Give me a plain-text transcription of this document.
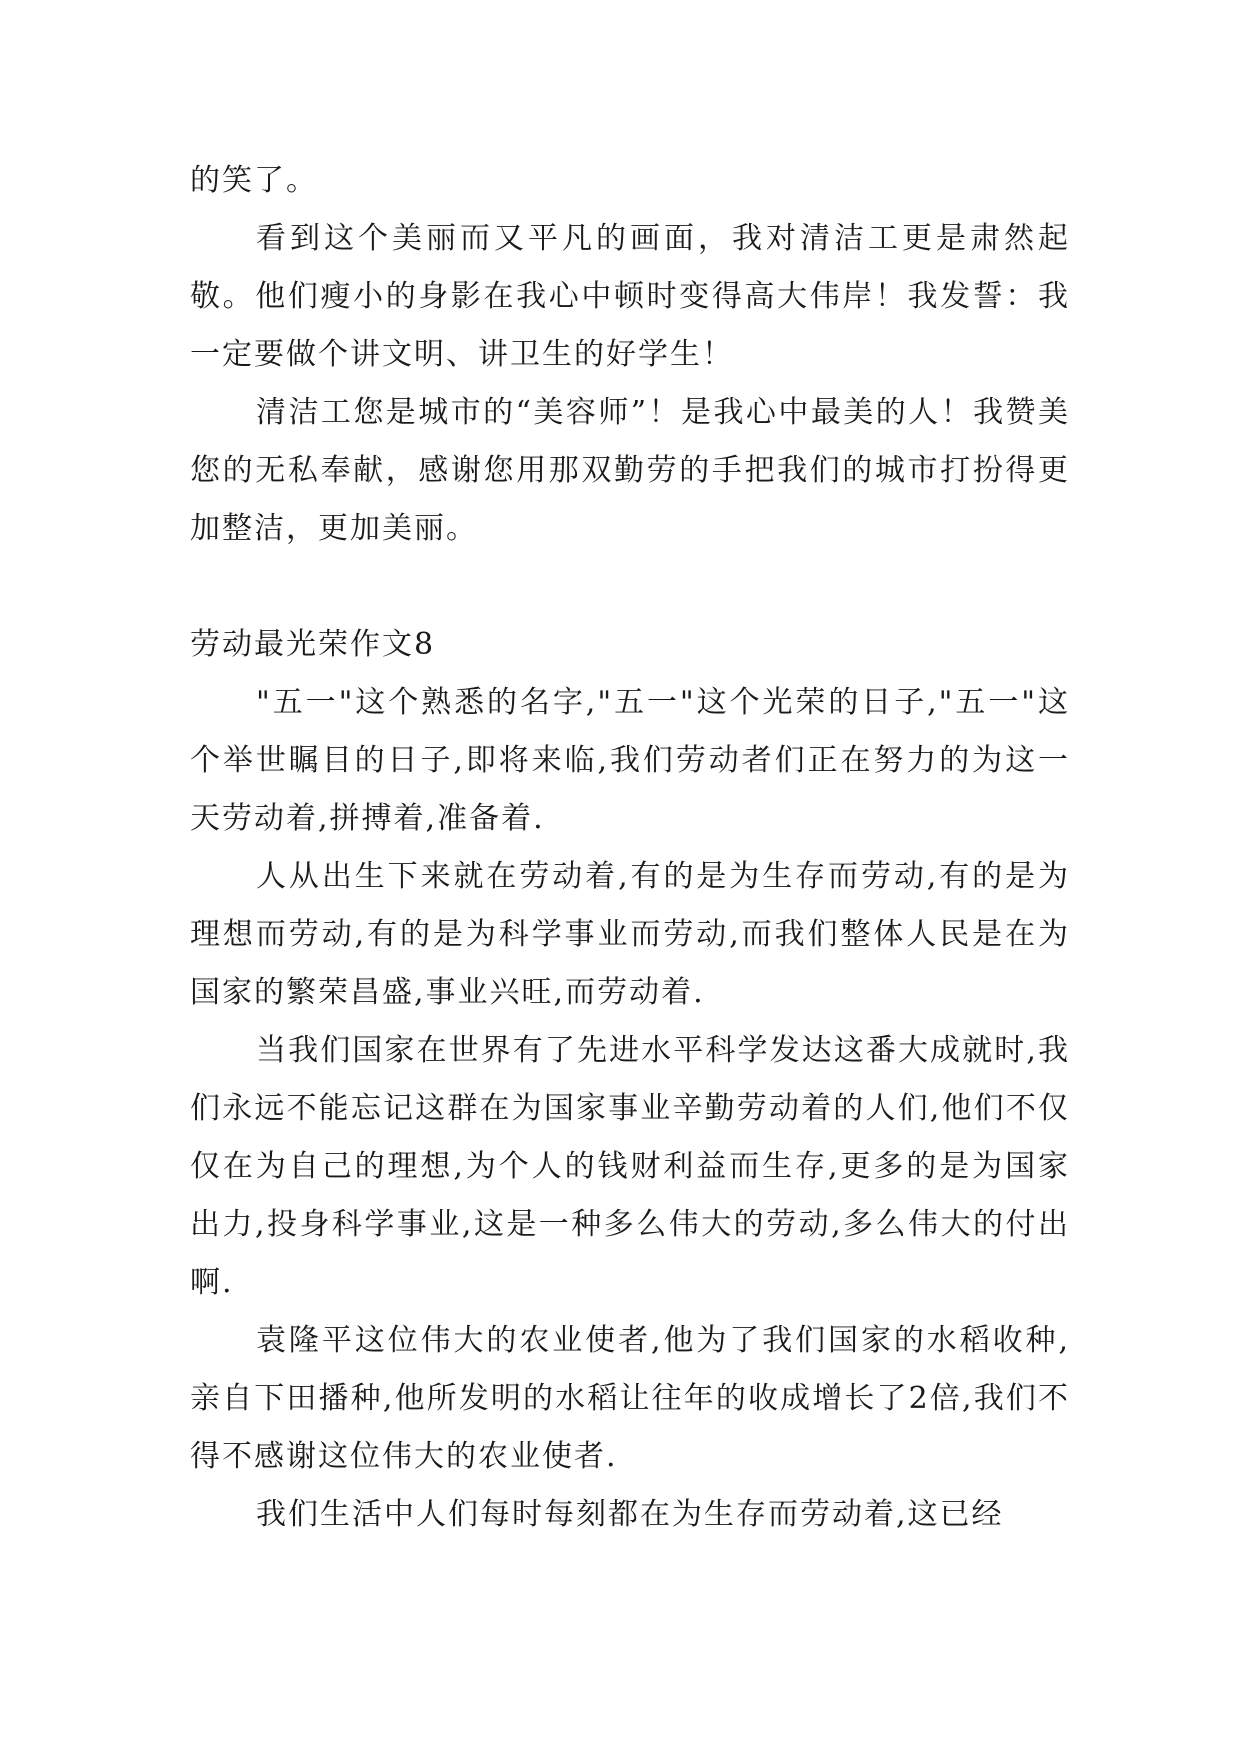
的笑了。

看到这个美丽而又平凡的画面，我对清洁工更是肃然起敬。他们瘦小的身影在我心中顿时变得高大伟岸！我发誓：我一定要做个讲文明、讲卫生的好学生！

清洁工您是城市的“美容师”！是我心中最美的人！我赞美您的无私奉献，感谢您用那双勤劳的手把我们的城市打扮得更加整洁，更加美丽。

劳动最光荣作文8

"五一"这个熟悉的名字,"五一"这个光荣的日子,"五一"这个举世瞩目的日子,即将来临,我们劳动者们正在努力的为这一天劳动着,拼搏着,准备着.

人从出生下来就在劳动着,有的是为生存而劳动,有的是为理想而劳动,有的是为科学事业而劳动,而我们整体人民是在为国家的繁荣昌盛,事业兴旺,而劳动着.

当我们国家在世界有了先进水平科学发达这番大成就时,我们永远不能忘记这群在为国家事业辛勤劳动着的人们,他们不仅仅在为自己的理想,为个人的钱财利益而生存,更多的是为国家出力,投身科学事业,这是一种多么伟大的劳动,多么伟大的付出啊.

袁隆平这位伟大的农业使者,他为了我们国家的水稻收种,亲自下田播种,他所发明的水稻让往年的收成增长了2倍,我们不得不感谢这位伟大的农业使者.

我们生活中人们每时每刻都在为生存而劳动着,这已经
